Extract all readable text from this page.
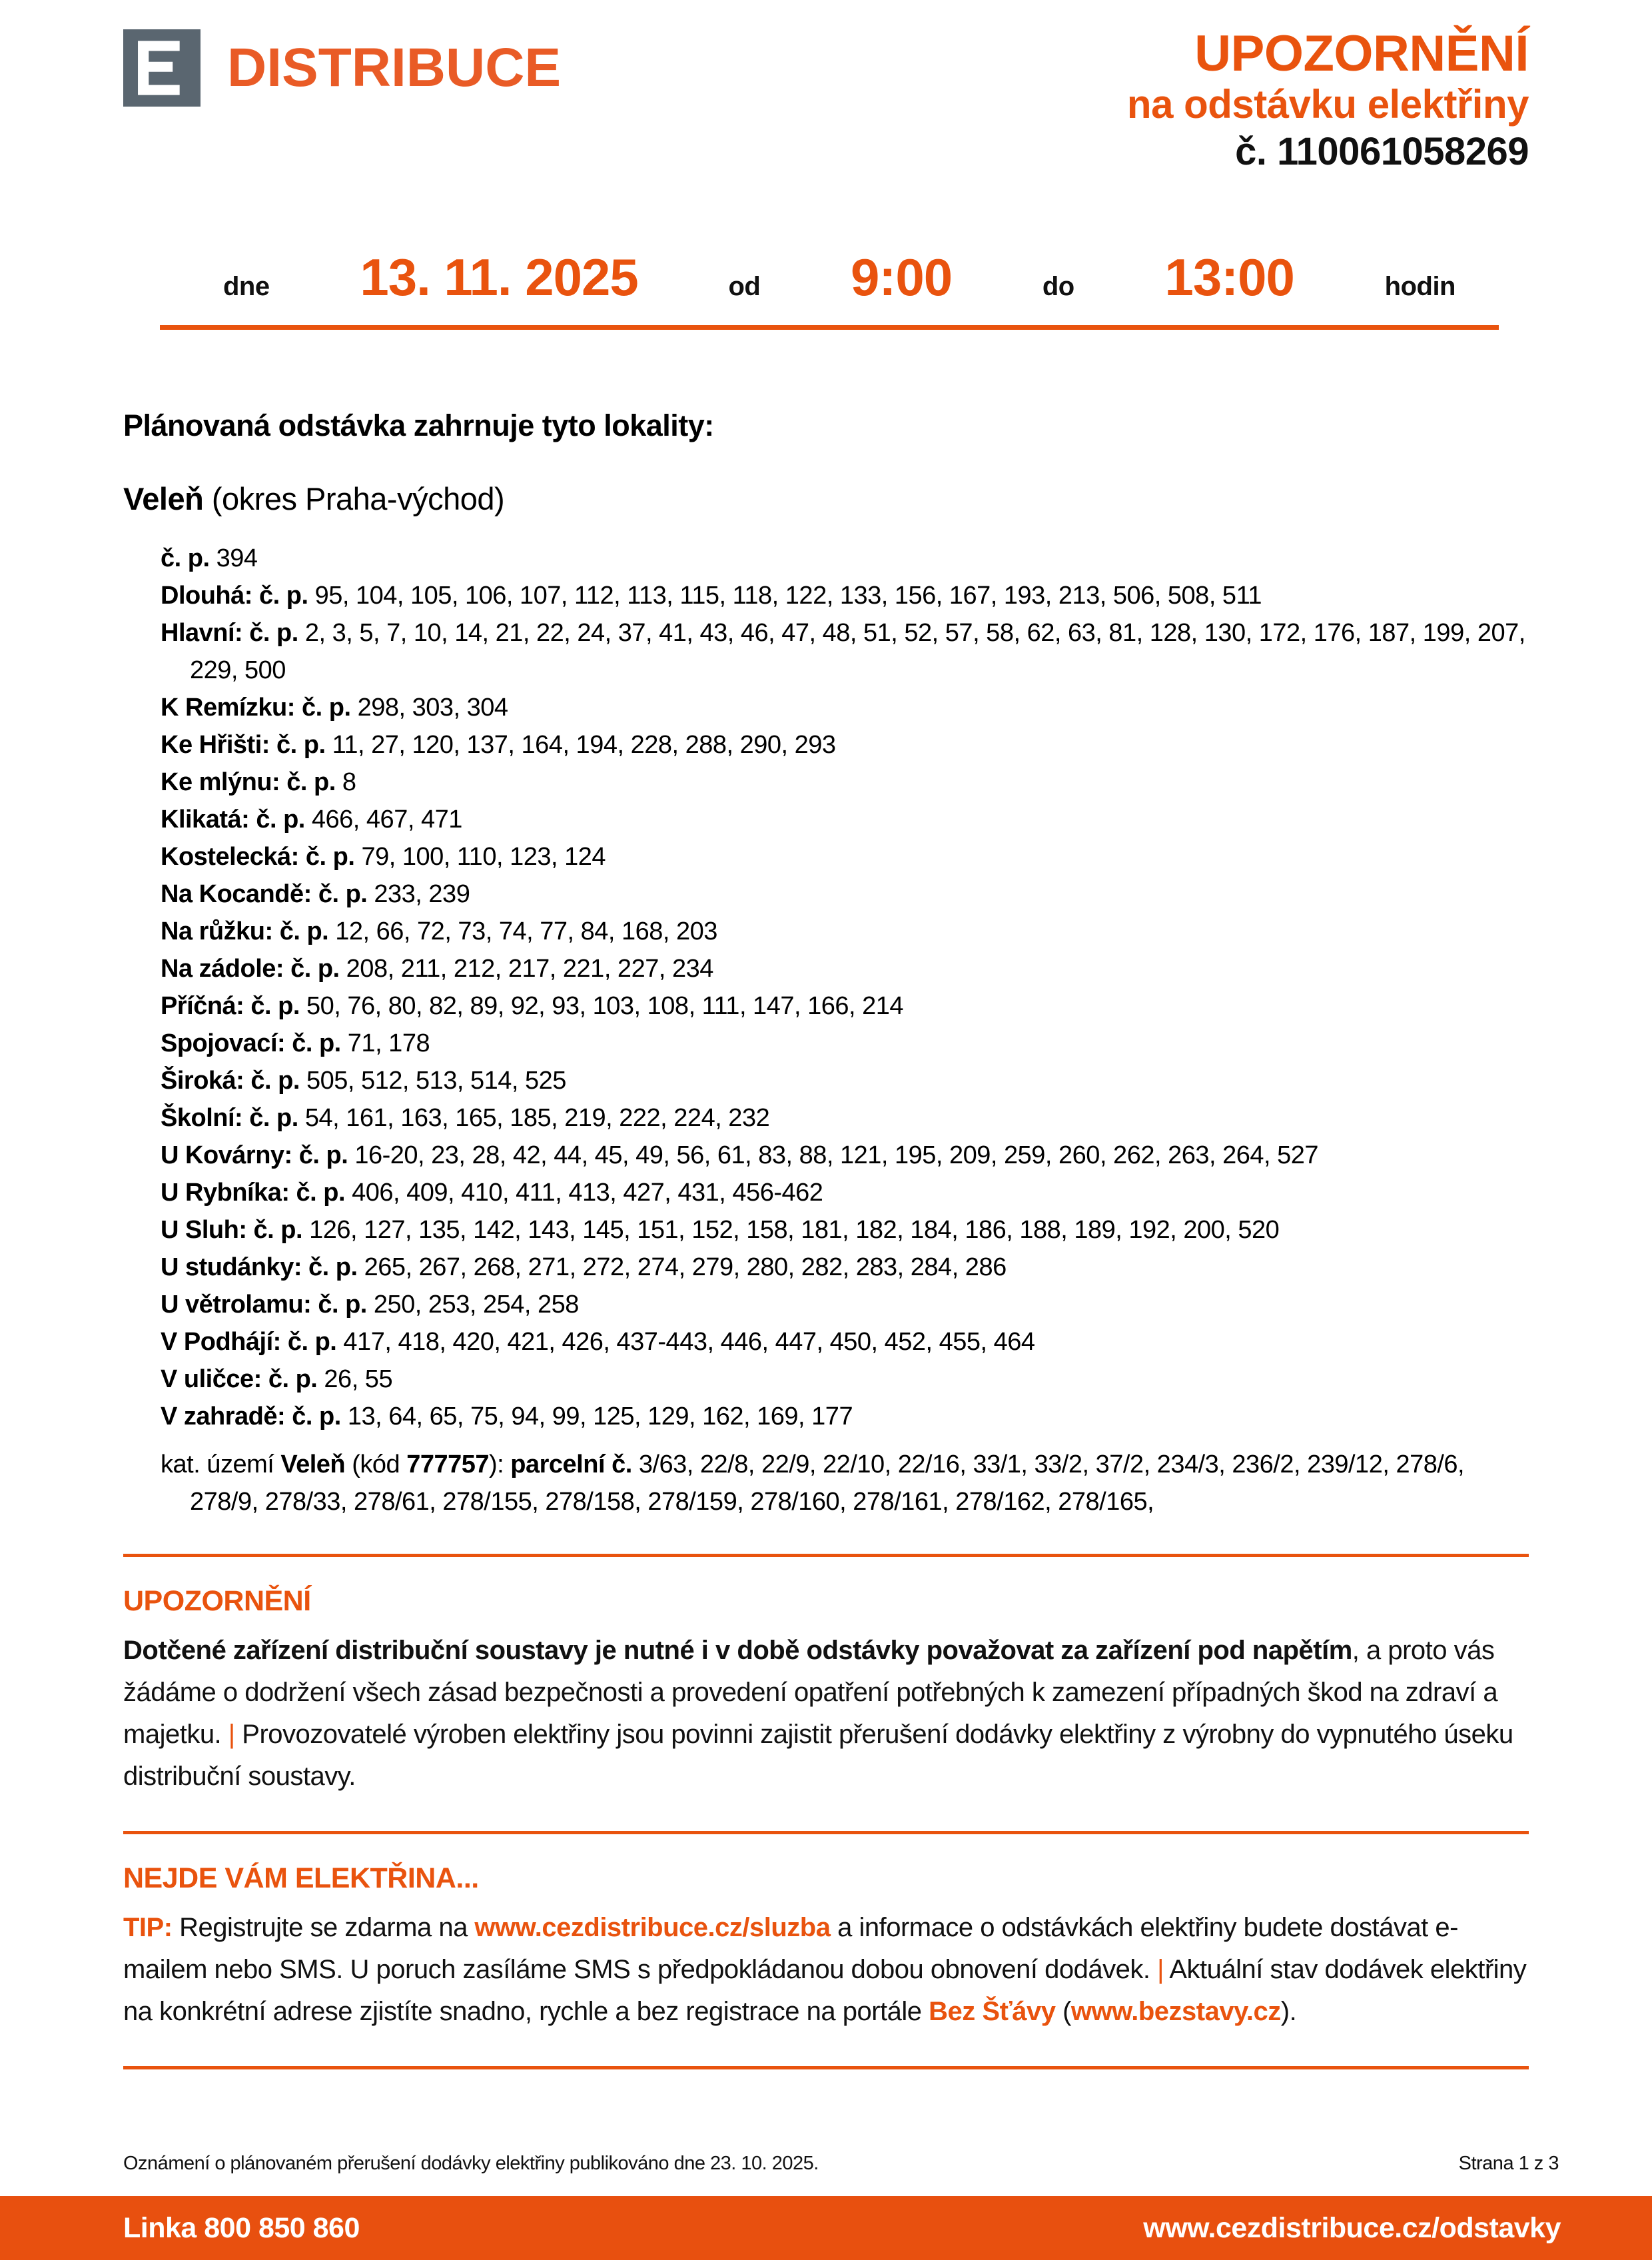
DISTRIBUCE	UPOZORNĚNÍ
na odstávku elektřiny
č. 110061058269
dne 13. 11. 2025	od 9:00	do 13:00	hodin
Plánovaná odstávka zahrnuje tyto lokality:
Veleň (okres Praha-východ)
č. p. 394
Dlouhá: č. p. 95, 104, 105, 106, 107, 112, 113, 115, 118, 122, 133, 156, 167, 193, 213, 506, 508, 511
Hlavní: č. p. 2, 3, 5, 7, 10, 14, 21, 22, 24, 37, 41, 43, 46, 47, 48, 51, 52, 57, 58, 62, 63, 81, 128, 130, 172, 176, 187, 199, 207, 229, 500
K Remízku: č. p. 298, 303, 304
Ke Hřišti: č. p. 11, 27, 120, 137, 164, 194, 228, 288, 290, 293
Ke mlýnu: č. p. 8
Klikatá: č. p. 466, 467, 471
Kostelecká: č. p. 79, 100, 110, 123, 124
Na Kocandě: č. p. 233, 239
Na růžku: č. p. 12, 66, 72, 73, 74, 77, 84, 168, 203
Na zádole: č. p. 208, 211, 212, 217, 221, 227, 234
Příčná: č. p. 50, 76, 80, 82, 89, 92, 93, 103, 108, 111, 147, 166, 214
Spojovací: č. p. 71, 178
Široká: č. p. 505, 512, 513, 514, 525
Školní: č. p. 54, 161, 163, 165, 185, 219, 222, 224, 232
U Kovárny: č. p. 16-20, 23, 28, 42, 44, 45, 49, 56, 61, 83, 88, 121, 195, 209, 259, 260, 262, 263, 264, 527
U Rybníka: č. p. 406, 409, 410, 411, 413, 427, 431, 456-462
U Sluh: č. p. 126, 127, 135, 142, 143, 145, 151, 152, 158, 181, 182, 184, 186, 188, 189, 192, 200, 520
U studánky: č. p. 265, 267, 268, 271, 272, 274, 279, 280, 282, 283, 284, 286
U větrolamu: č. p. 250, 253, 254, 258
V Podhájí: č. p. 417, 418, 420, 421, 426, 437-443, 446, 447, 450, 452, 455, 464
V uličce: č. p. 26, 55
V zahradě: č. p. 13, 64, 65, 75, 94, 99, 125, 129, 162, 169, 177

kat. území Veleň (kód 777757): parcelní č. 3/63, 22/8, 22/9, 22/10, 22/16, 33/1, 33/2, 37/2, 234/3, 236/2, 239/12, 278/6, 278/9, 278/33, 278/61, 278/155, 278/158, 278/159, 278/160, 278/161, 278/162, 278/165,

UPOZORNĚNÍ

Dotčené zařízení distribuční soustavy je nutné i v době odstávky považovat za zařízení pod napětím, a proto vás žádáme o dodržení všech zásad bezpečnosti a provedení opatření potřebných k zamezení případných škod na zdraví a majetku. | Provozovatelé výroben elektřiny jsou povinni zajistit přerušení dodávky elektřiny z výrobny do vypnutého úseku distribuční soustavy.

NEJDE VÁM ELEKTŘINA...

TIP: Registrujte se zdarma na www.cezdistribuce.cz/sluzba a informace o odstávkách elektřiny budete dostávat e-mailem nebo SMS. U poruch zasíláme SMS s předpokládanou dobou obnovení dodávek. | Aktuální stav dodávek elektřiny na konkrétní adrese zjistíte snadno, rychle a bez registrace na portále Bez Šťávy (www.bezstavy.cz).

Oznámení o plánovaném přerušení dodávky elektřiny publikováno dne 23. 10. 2025.	Strana 1 z 3
Linka 800 850 860	www.cezdistribuce.cz/odstavky
